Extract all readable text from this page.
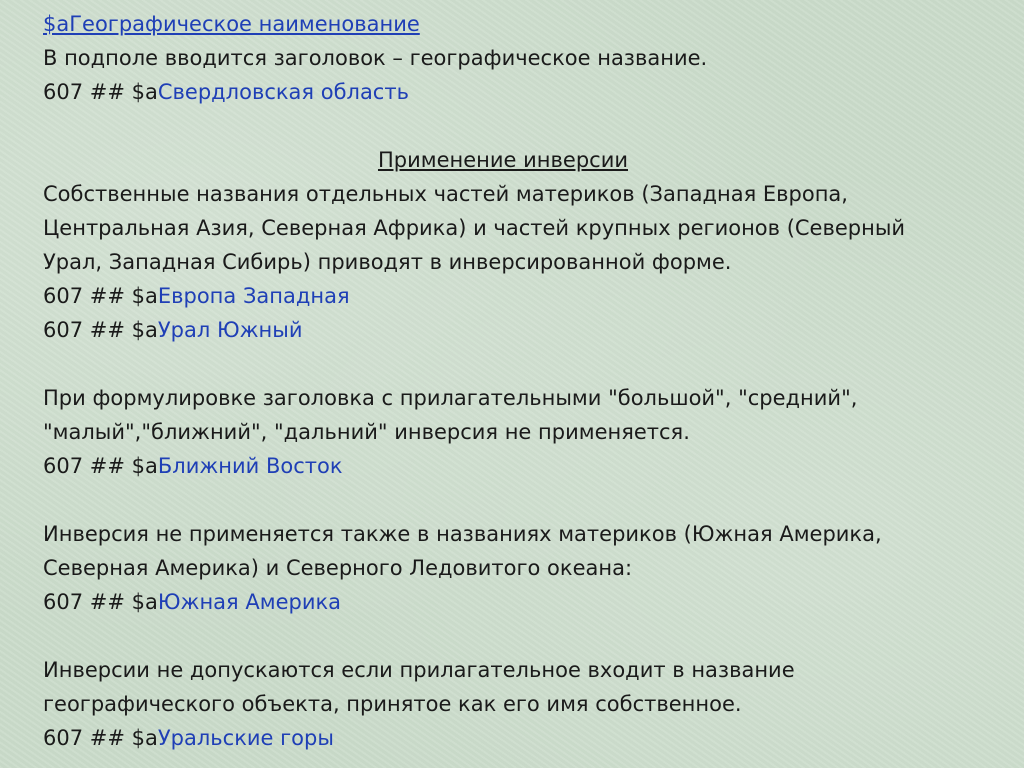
$aГеографическое наименование
В подполе вводится заголовок – географическое название.
607 ## $aСвердловская область
Применение инверсии
Собственные названия отдельных частей материков (Западная Европа,
Центральная Азия, Северная Африка) и частей крупных регионов (Северный
Урал, Западная Сибирь) приводят в инверсированной форме.
607 ## $aЕвропа Западная
607 ## $aУрал Южный
При формулировке заголовка с прилагательными "большой", "средний",
"малый","ближний", "дальний" инверсия не применяется.
607 ## $aБлижний Восток
Инверсия не применяется также в названиях материков (Южная Америка,
Северная Америка) и Северного Ледовитого океана:
607 ## $aЮжная Америка
Инверсии не допускаются если прилагательное входит в название
географического объекта, принятое как его имя собственное.
607 ## $aУральские горы
